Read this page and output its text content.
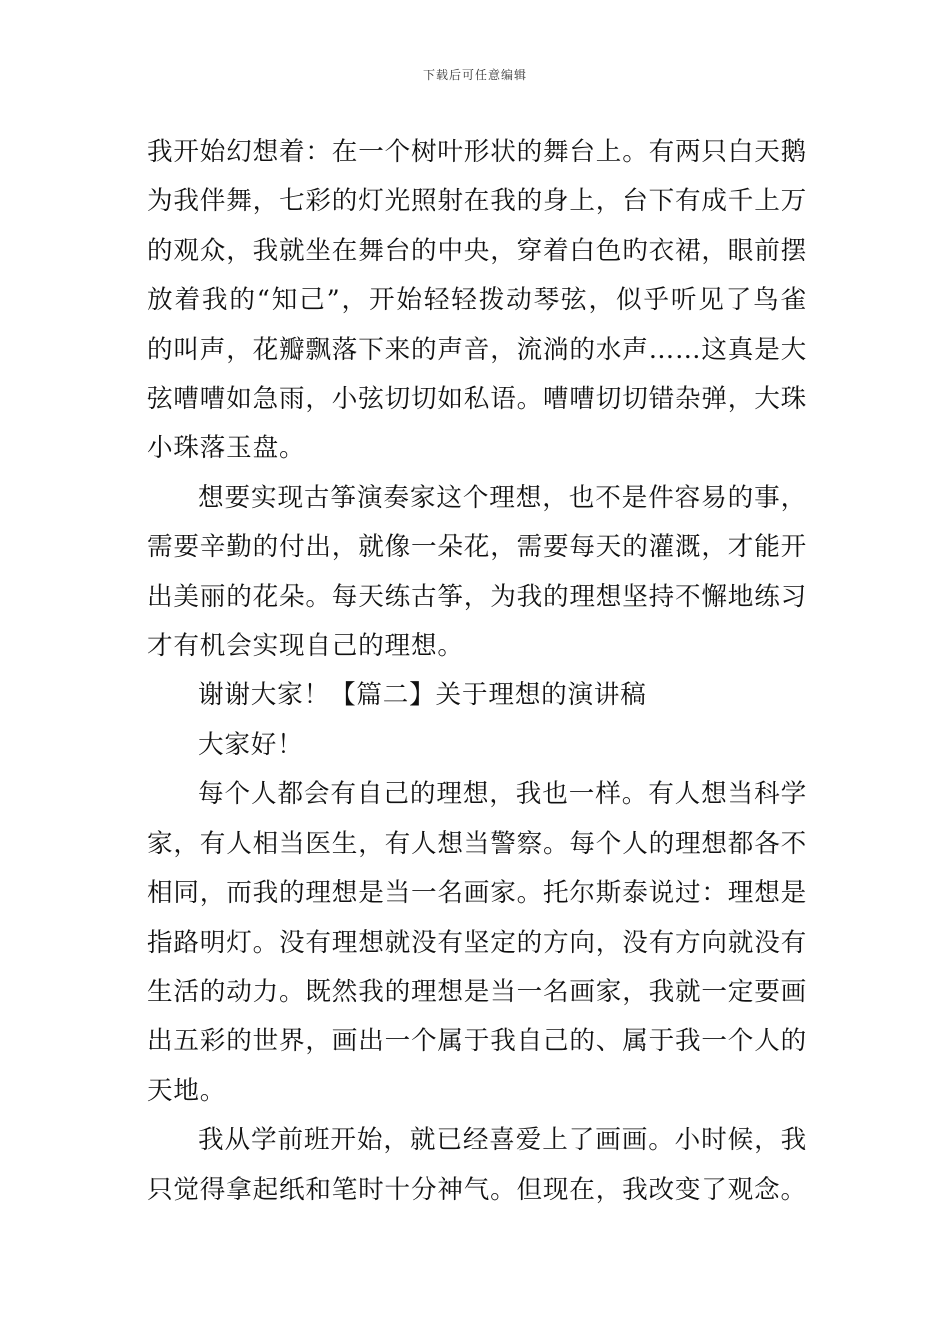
下载后可任意编辑

我开始幻想着：在一个树叶形状的舞台上。有两只白天鹅为我伴舞，七彩的灯光照射在我的身上，台下有成千上万的观众，我就坐在舞台的中央，穿着白色旳衣裙，眼前摆放着我的“知己”，开始轻轻拨动琴弦，似乎听见了鸟雀的叫声，花瓣飘落下来的声音，流淌的水声……这真是大弦嘈嘈如急雨，小弦切切如私语。嘈嘈切切错杂弹，大珠小珠落玉盘。

想要实现古筝演奏家这个理想，也不是件容易的事，需要辛勤的付出，就像一朵花，需要每天的灌溉，才能开出美丽的花朵。每天练古筝，为我的理想坚持不懈地练习才有机会实现自己的理想。

谢谢大家！【篇二】关于理想的演讲稿

大家好！

每个人都会有自己的理想，我也一样。有人想当科学家，有人相当医生，有人想当警察。每个人的理想都各不相同，而我的理想是当一名画家。托尔斯泰说过：理想是指路明灯。没有理想就没有坚定的方向，没有方向就没有生活的动力。既然我的理想是当一名画家，我就一定要画出五彩的世界，画出一个属于我自己的、属于我一个人的天地。

我从学前班开始，就已经喜爱上了画画。小时候，我只觉得拿起纸和笔时十分神气。但现在，我改变了观念。
